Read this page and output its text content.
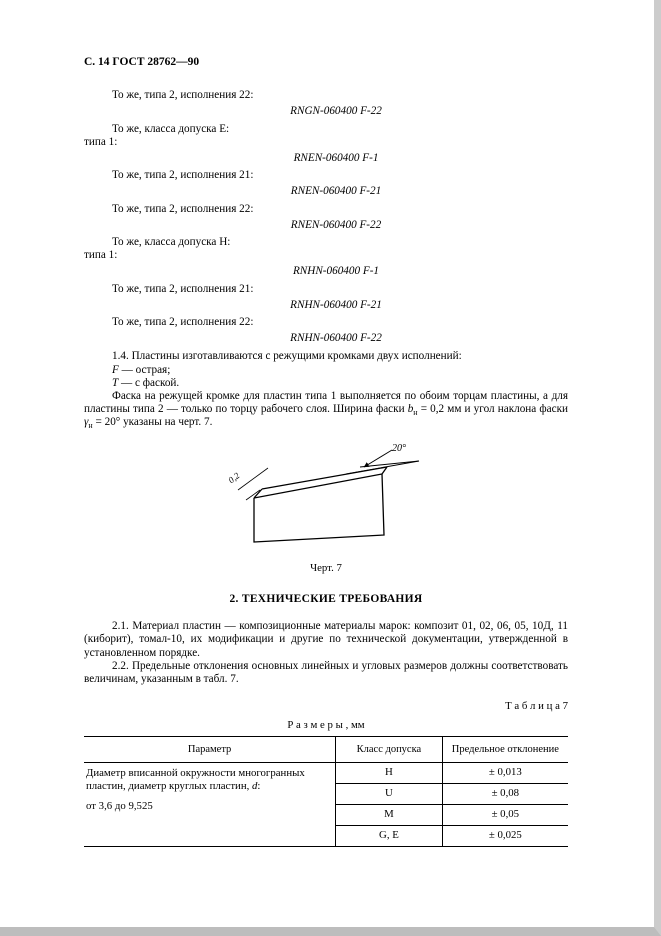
С. 14 ГОСТ 28762—90

То же, типа 2, исполнения 22:

RNGN-060400 F-22

То же, класса допуска Е:

типа 1:

RNEN-060400 F-1

То же, типа 2, исполнения 21:

RNEN-060400 F-21

То же, типа 2, исполнения 22:

RNEN-060400 F-22

То же, класса допуска Н:

типа 1:

RNHN-060400 F-1

То же, типа 2, исполнения 21:

RNHN-060400 F-21

То же, типа 2, исполнения 22:

RNHN-060400 F-22

1.4. Пластины изготавливаются с режущими кромками двух исполнений:

F — острая;

Т — с фаской.

Фаска на режущей кромке для пластин типа 1 выполняется по обоим торцам пластины, а для пластины типа 2 — только по торцу рабочего слоя. Ширина фаски $b_н = 0,2$ мм и угол наклона фаски $\gamma_н = 20^\circ$ указаны на черт. 7.

0,2
20°
Черт. 7
2. ТЕХНИЧЕСКИЕ ТРЕБОВАНИЯ

2.1. Материал пластин — композиционные материалы марок: композит 01, 02, 06, 05, 10Д, 11 (киборит), томал-10, их модификации и другие по технической документации, утвержденной в установленном порядке.

2.2. Предельные отклонения основных линейных и угловых размеров должны соответствовать величинам, указанным в табл. 7.

Т а б л и ц а 7
Р а з м е р ы , мм
Параметр	Класс допуска	Предельное отклонение

Диаметр вписанной окружности многогранных пластин, диаметр круглых пластин, d:
от 3,6 до 9,525	H	± 0,013
	U	± 0,08
	M	± 0,05
	G, E	± 0,025
